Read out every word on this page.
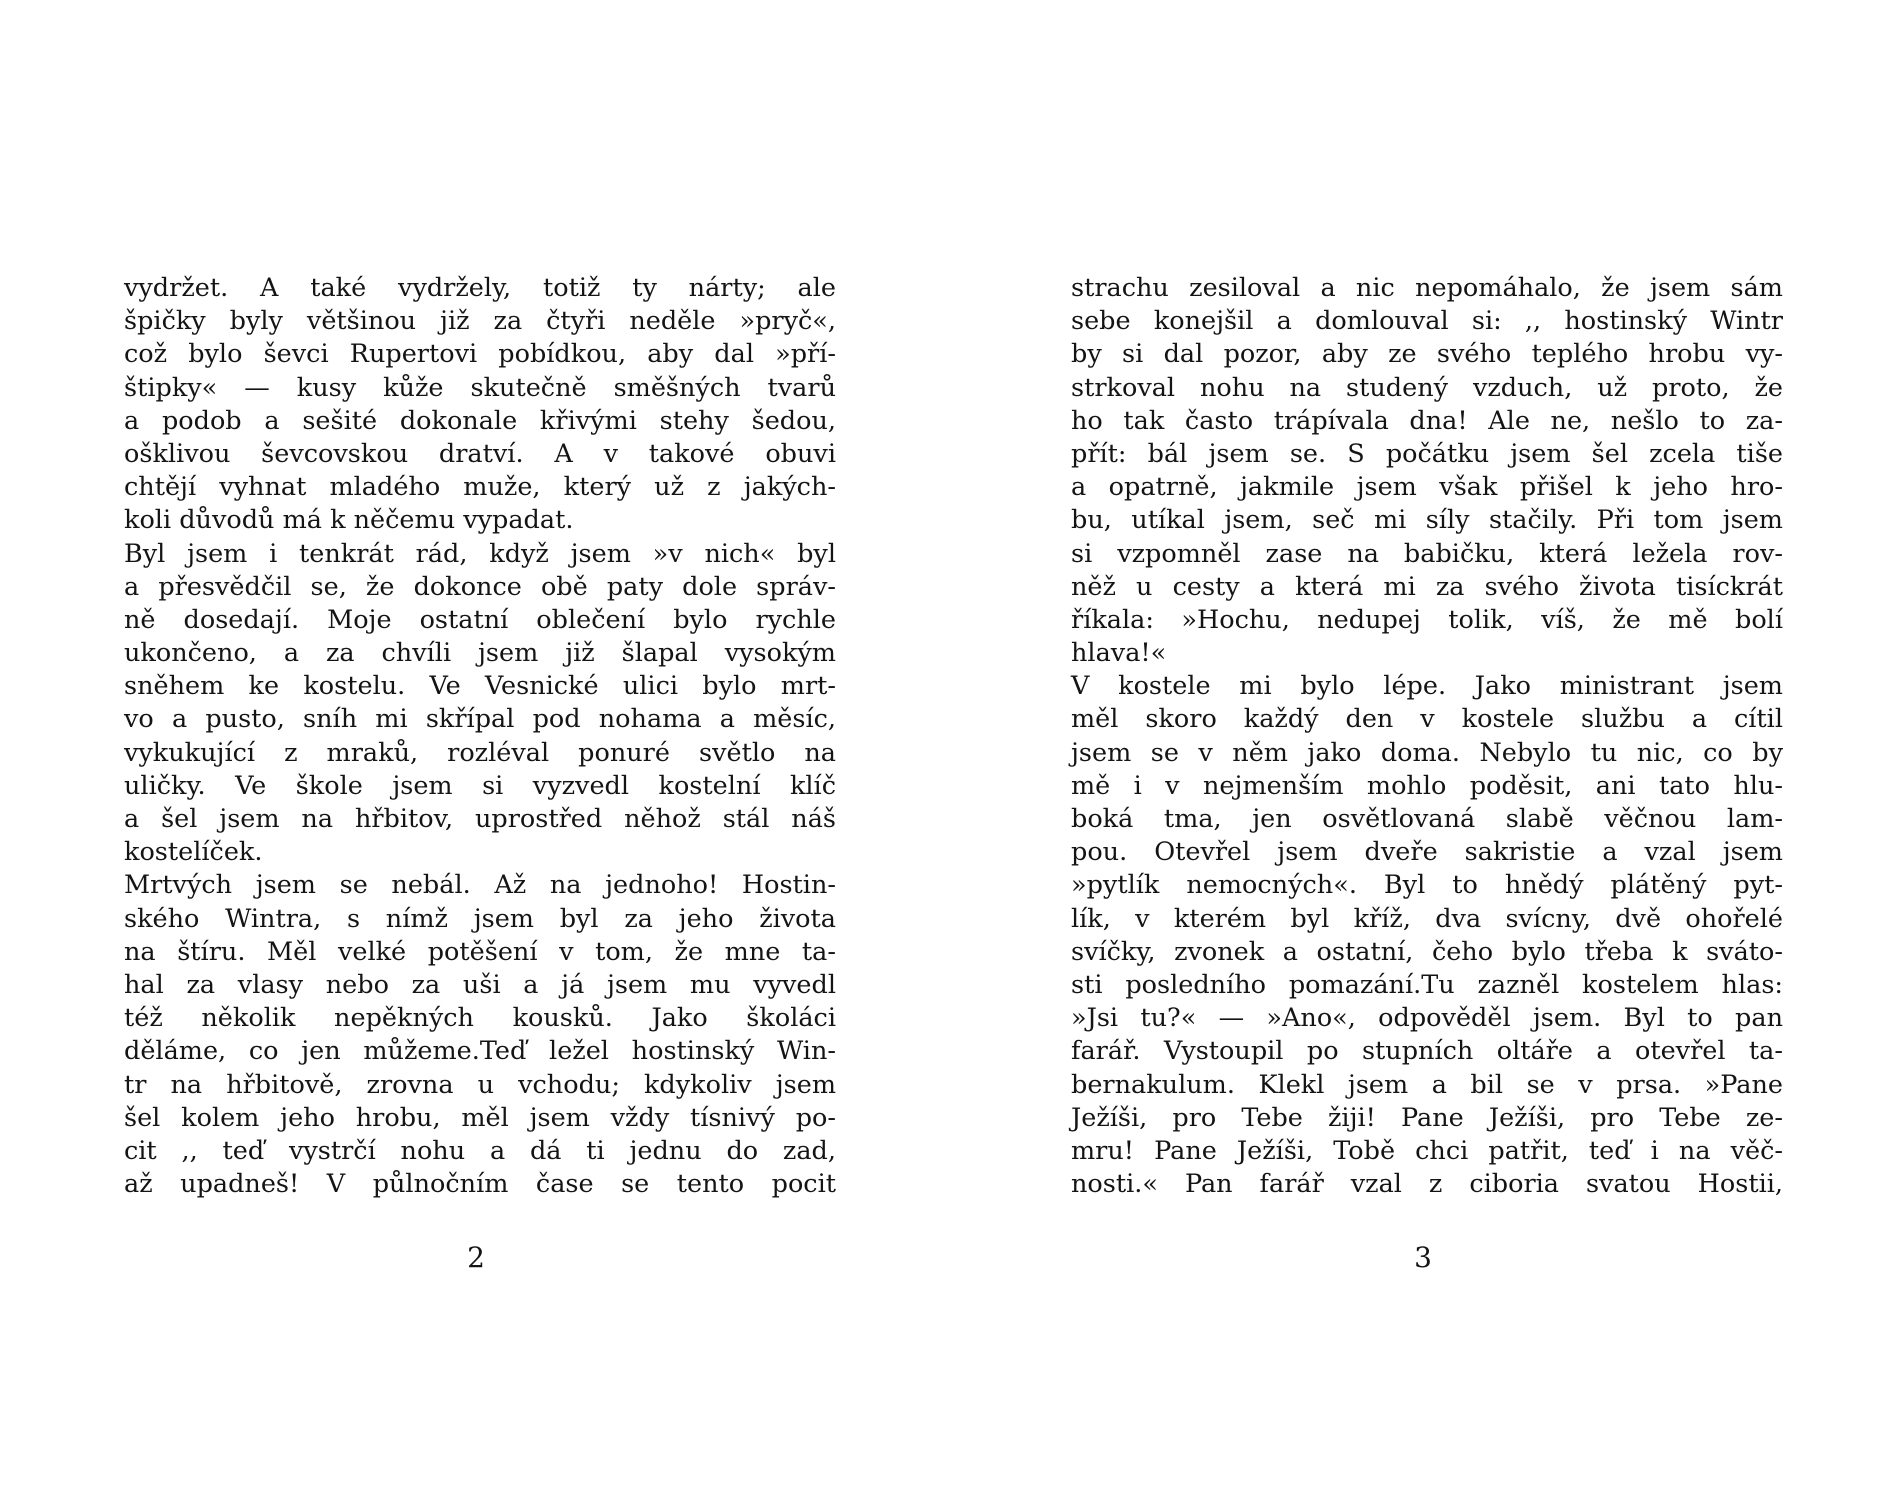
vydržet. A také vydržely, totiž ty nárty; ale
špičky byly většinou již za čtyři neděle »pryč«,
což bylo ševci Rupertovi pobídkou, aby dal »pří-
štipky« — kusy kůže skutečně směšných tvarů
a podob a sešité dokonale křivými stehy šedou,
ošklivou ševcovskou dratví. A v takové obuvi
chtějí vyhnat mladého muže, který už z jakých-
koli důvodů má k něčemu vypadat.
Byl jsem i tenkrát rád, když jsem »v nich« byl
a přesvědčil se, že dokonce obě paty dole správ-
ně dosedají. Moje ostatní oblečení bylo rychle
ukončeno, a za chvíli jsem již šlapal vysokým
sněhem ke kostelu. Ve Vesnické ulici bylo mrt-
vo a pusto, sníh mi skřípal pod nohama a měsíc,
vykukující z mraků, rozléval ponuré světlo na
uličky. Ve škole jsem si vyzvedl kostelní klíč
a šel jsem na hřbitov, uprostřed něhož stál náš
kostelíček.
Mrtvých jsem se nebál. Až na jednoho! Hostin-
ského Wintra, s nímž jsem byl za jeho života
na štíru. Měl velké potěšení v tom, že mne ta-
hal za vlasy nebo za uši a já jsem mu vyvedl
též několik nepěkných kousků. Jako školáci
děláme, co jen můžeme.Teď ležel hostinský Win-
tr na hřbitově, zrovna u vchodu; kdykoliv jsem
šel kolem jeho hrobu, měl jsem vždy tísnivý po-
cit ,, teď vystrčí nohu a dá ti jednu do zad,
až upadneš! V půlnočním čase se tento pocit
2
strachu zesiloval a nic nepomáhalo, že jsem sám
sebe konejšil a domlouval si: ,, hostinský Wintr
by si dal pozor, aby ze svého teplého hrobu vy-
strkoval nohu na studený vzduch, už proto, že
ho tak často trápívala dna! Ale ne, nešlo to za-
přít: bál jsem se. S počátku jsem šel zcela tiše
a opatrně, jakmile jsem však přišel k jeho hro-
bu, utíkal jsem, seč mi síly stačily. Při tom jsem
si vzpomněl zase na babičku, která ležela rov-
něž u cesty a která mi za svého života tisíckrát
říkala: »Hochu, nedupej tolik, víš, že mě bolí
hlava!«
V kostele mi bylo lépe. Jako ministrant jsem
měl skoro každý den v kostele službu a cítil
jsem se v něm jako doma. Nebylo tu nic, co by
mě i v nejmenším mohlo poděsit, ani tato hlu-
boká tma, jen osvětlovaná slabě věčnou lam-
pou. Otevřel jsem dveře sakristie a vzal jsem
»pytlík nemocných«. Byl to hnědý plátěný pyt-
lík, v kterém byl kříž, dva svícny, dvě ohořelé
svíčky, zvonek a ostatní, čeho bylo třeba k sváto-
sti posledního pomazání.Tu zazněl kostelem hlas:
»Jsi tu?« — »Ano«, odpověděl jsem. Byl to pan
farář. Vystoupil po stupních oltáře a otevřel ta-
bernakulum. Klekl jsem a bil se v prsa. »Pane
Ježíši, pro Tebe žiji! Pane Ježíši, pro Tebe ze-
mru! Pane Ježíši, Tobě chci patřit, teď i na věč-
nosti.« Pan farář vzal z ciboria svatou Hostii,
3
